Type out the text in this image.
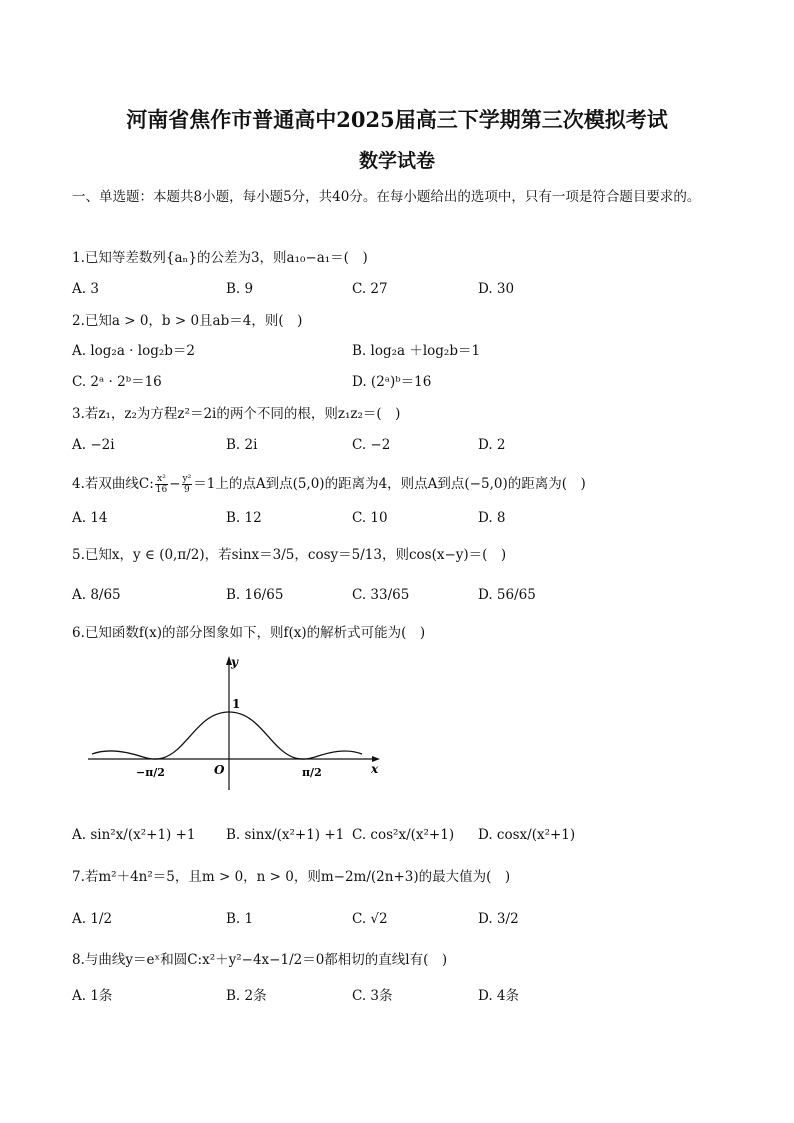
河南省焦作市普通高中2025届高三下学期第三次模拟考试
数学试卷
一、单选题：本题共8小题，每小题5分，共40分。在每小题给出的选项中，只有一项是符合题目要求的。
1.已知等差数列{aₙ}的公差为3，则a₁₀−a₁＝(　)
A. 3	B. 9	C. 27	D. 30
2.已知a > 0，b > 0且ab＝4，则(　)
A. log₂a · log₂b＝2	B. log₂a ＋log₂b＝1
C. 2ᵃ · 2ᵇ＝16	D. (2ᵃ)ᵇ＝16
3.若z₁，z₂为方程z²＝2i的两个不同的根，则z₁z₂＝(　)
A. −2i	B. 2i	C. −2	D. 2
4.若双曲线C: $\frac{\text{x²}}{16} - \frac{\text{y²}}{9} =1$上的点A到点(5,0)的距离为4，则点A到点(−5,0)的距离为(　)
A. 14	B. 12	C. 10	D. 8
5.已知x，y ∈ (0,π/2)，若sinx＝3/5，cosy＝5/13，则cos(x−y)＝(　)
A. 8/65	B. 16/65	C. 33/65	D. 56/65
6.已知函数f(x)的部分图象如下，则f(x)的解析式可能为(　)
y
x
1
O
−π/2	π/2
A. sin²x/(x²+1) +1 B. sinx/(x²+1) +1 C. cos²x/(x²+1) D. cosx/(x²+1)
7.若m²＋4n²＝5，且m > 0，n > 0，则m−2m/(2n+3)的最大值为(　)
A. 1/2	B. 1	C. √2	D. 3/2
8.与曲线y＝eˣ和圆C:x²＋y²−4x−1/2＝0都相切的直线l有(　)
A. 1条	B. 2条	C. 3条	D. 4条
